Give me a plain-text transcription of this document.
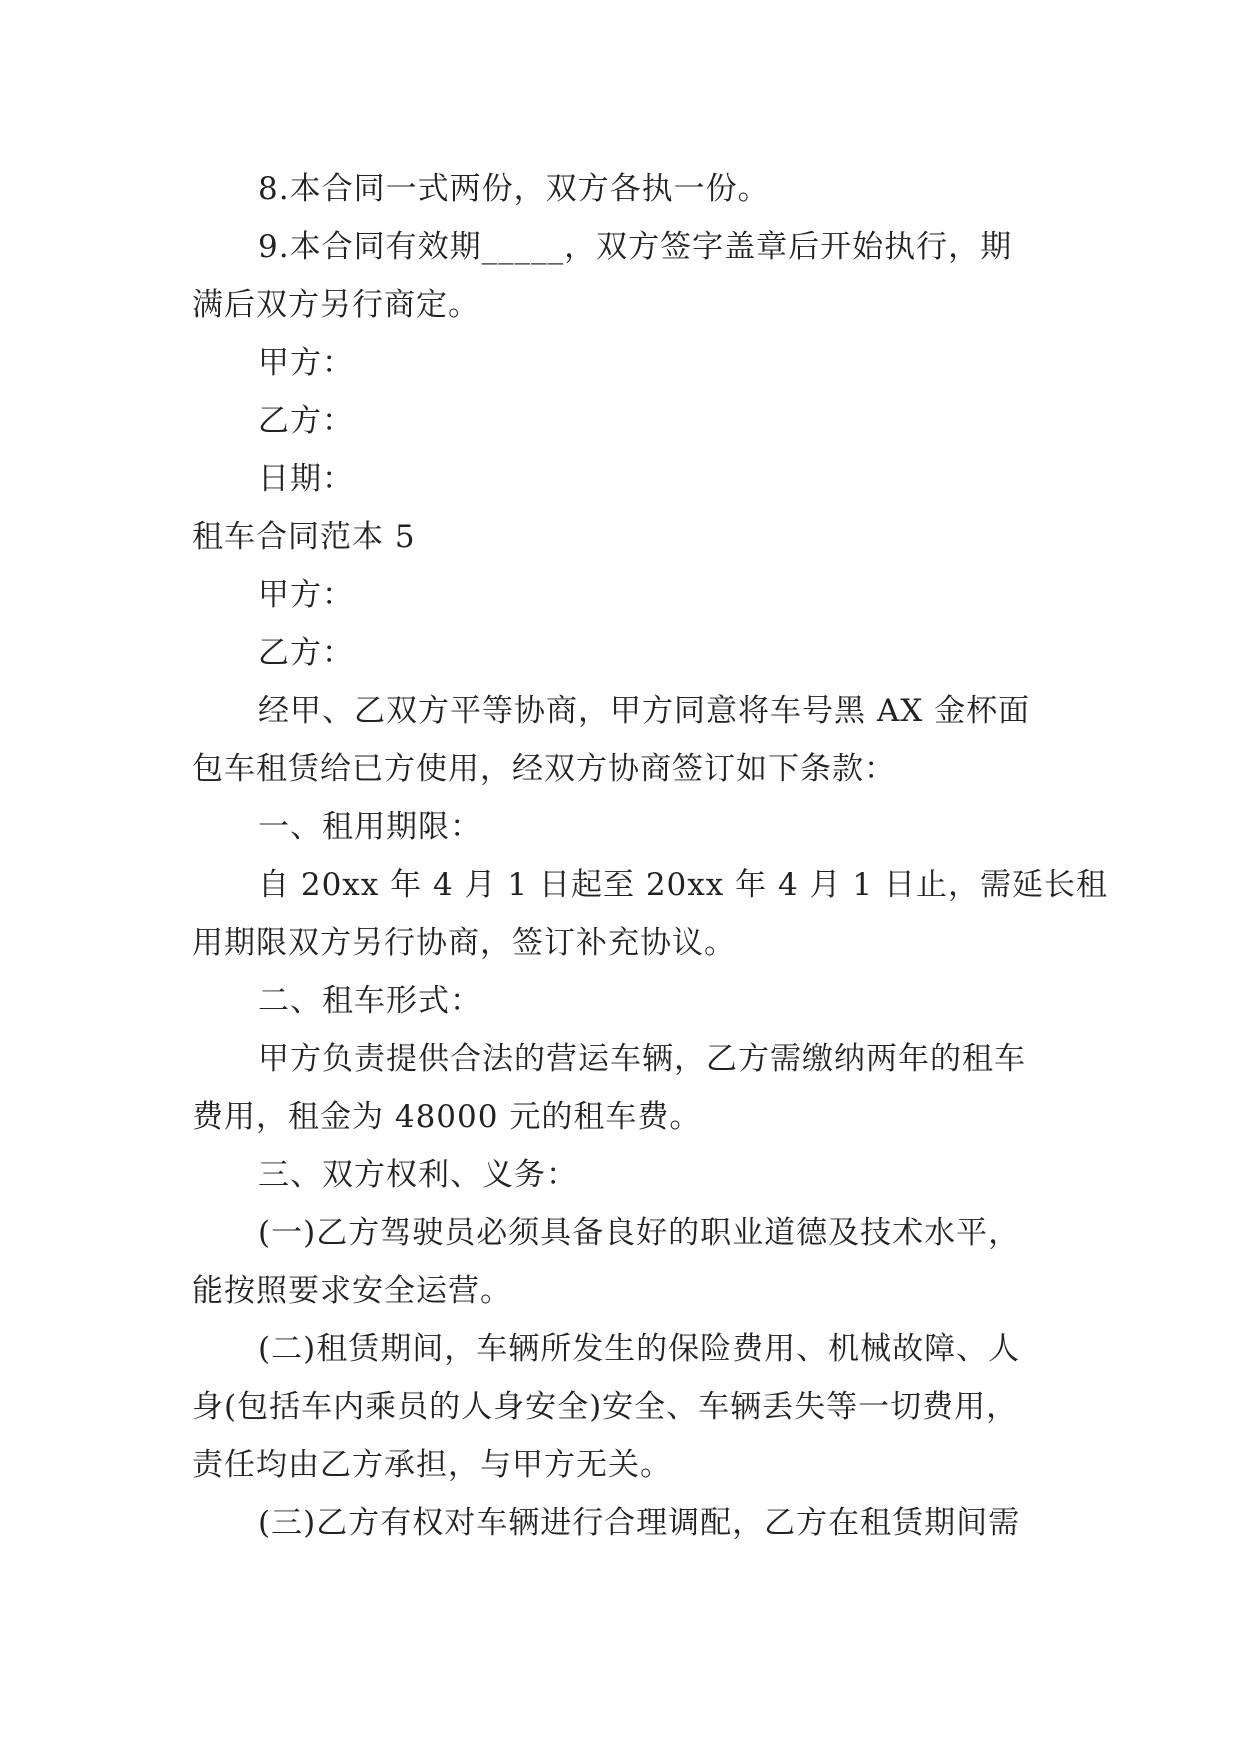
8.本合同一式两份，双方各执一份。
9.本合同有效期_____，双方签字盖章后开始执行，期
满后双方另行商定。
甲方：
乙方：
日期：
租车合同范本 5
甲方：
乙方：
经甲、乙双方平等协商，甲方同意将车号黑 AX 金杯面
包车租赁给已方使用，经双方协商签订如下条款：
一、租用期限：
自 20xx 年 4 月 1 日起至 20xx 年 4 月 1 日止，需延长租
用期限双方另行协商，签订补充协议。
二、租车形式：
甲方负责提供合法的营运车辆，乙方需缴纳两年的租车
费用，租金为 48000 元的租车费。
三、双方权利、义务：
(一)乙方驾驶员必须具备良好的职业道德及技术水平，
能按照要求安全运营。
(二)租赁期间，车辆所发生的保险费用、机械故障、人
身(包括车内乘员的人身安全)安全、车辆丢失等一切费用，
责任均由乙方承担，与甲方无关。
(三)乙方有权对车辆进行合理调配，乙方在租赁期间需
